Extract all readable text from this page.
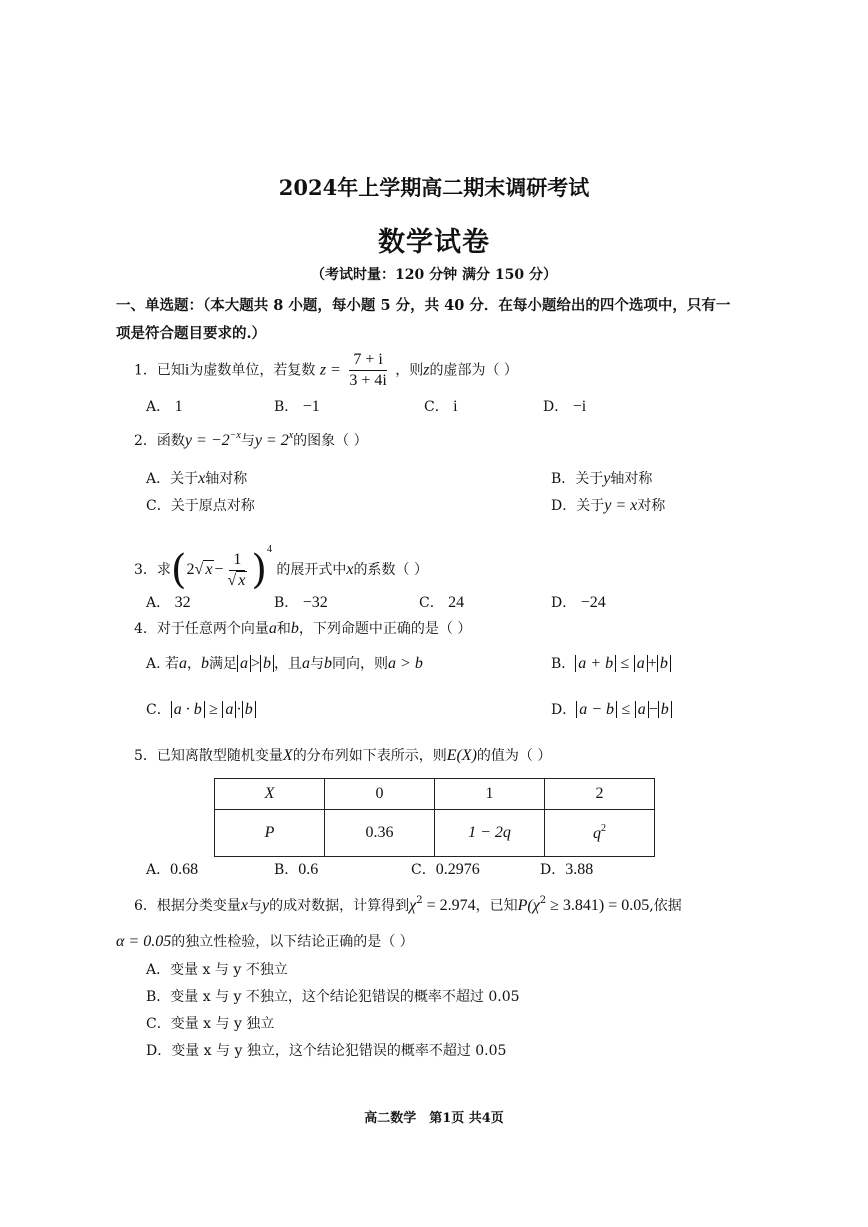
2024年上学期高二期末调研考试
数学试卷
（考试时量：120 分钟 满分 150 分）
一、单选题：（本大题共 8 小题，每小题 5 分，共 40 分．在每小题给出的四个选项中，只有一
项是符合题目要求的.）
1．已知i为虚数单位，若复数 $z = \frac{7 + i}{3 + 4i}$ ，则z的虚部为（ ）
A． 1	B． −1	C． i	D． −i
2．函数$y = -2^{-x}$与$y = 2^x$的图象（ ）
A．关于x轴对称	B．关于y轴对称
C．关于原点对称	D．关于y = x对称
3．求(2√ $x - \frac{1}{√ x} )^4$ 的展开式中x的系数（ ）
A． 32	B． −32	C． 24	D． −24
4．对于任意两个向量a和b，下列命题中正确的是（ ）
A. 若a，b满足 a > b ，且a与b同向，则a > b	B． a + b ≤ a + b
C． a · b ≥ a · b	D． a − b ≤ a − b
5．已知离散型随机变量X的分布列如下表所示，则E(X)的值为（ ）
X	0	1	2
P	0.36	1 − 2q	$q^2$
A．0.68	B．0.6	C．0.2976	D．3.88
6．根据分类变量x与y的成对数据，计算得到$\chi^2 = 2.974$，已知$P(\chi^2 \ge 3.841) = 0.05$,依据
α = 0.05的独立性检验，以下结论正确的是（ ）
A．变量 x 与 y 不独立
B．变量 x 与 y 不独立，这个结论犯错误的概率不超过 0.05
C．变量 x 与 y 独立
D．变量 x 与 y 独立，这个结论犯错误的概率不超过 0.05
高二数学　第1页 共4页
